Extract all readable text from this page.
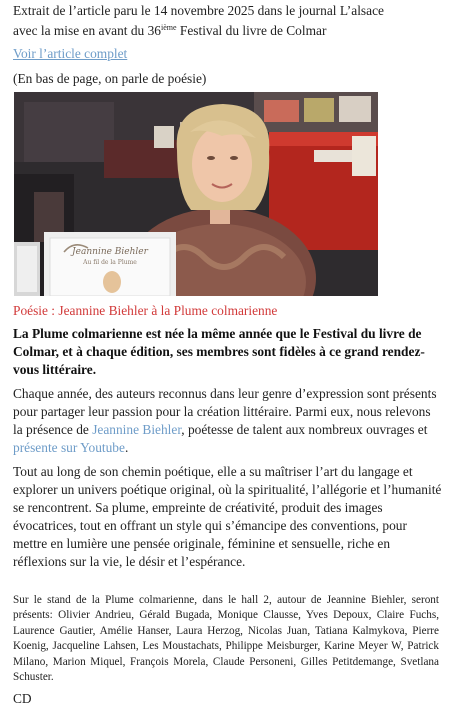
Extrait de l’article paru le 14 novembre 2025 dans le journal L’alsace
avec la mise en avant du 36ième Festival du livre de Colmar
Voir l’article complet
(En bas de page, on parle de poésie)
Jeannine Biehler
Au fil de la Plume
Poésie : Jeannine Biehler à la Plume colmarienne
La Plume colmarienne est née la même année que le Festival du livre de Colmar, et à chaque édition, ses membres sont fidèles à ce grand rendez-vous littéraire.
Chaque année, des auteurs reconnus dans leur genre d’expression sont présents pour partager leur passion pour la création littéraire. Parmi eux, nous relevons la présence de Jeannine Biehler, poétesse de talent aux nombreux ouvrages et présente sur Youtube.
Tout au long de son chemin poétique, elle a su maîtriser l’art du langage et explorer un univers poétique original, où la spiritualité, l’allégorie et l’humanité se rencontrent. Sa plume, empreinte de créativité, produit des images évocatrices, tout en offrant un style qui s’émancipe des conventions, pour mettre en lumière une pensée originale, féminine et sensuelle, riche en réflexions sur la vie, le désir et l’espérance.
Sur le stand de la Plume colmarienne, dans le hall 2, autour de Jeannine Biehler, seront présents: Olivier Andrieu, Gérald Bugada, Monique Clausse, Yves Depoux, Claire Fuchs, Laurence Gautier, Amélie Hanser, Laura Herzog, Nicolas Juan, Tatiana Kalmykova, Pierre Koenig, Jacqueline Lahsen, Les Moustachats, Philippe Meisburger, Karine Meyer W, Patrick Milano, Marion Miquel, François Morela, Claude Personeni, Gilles Petitdemange, Svetlana Schuster.
CD
